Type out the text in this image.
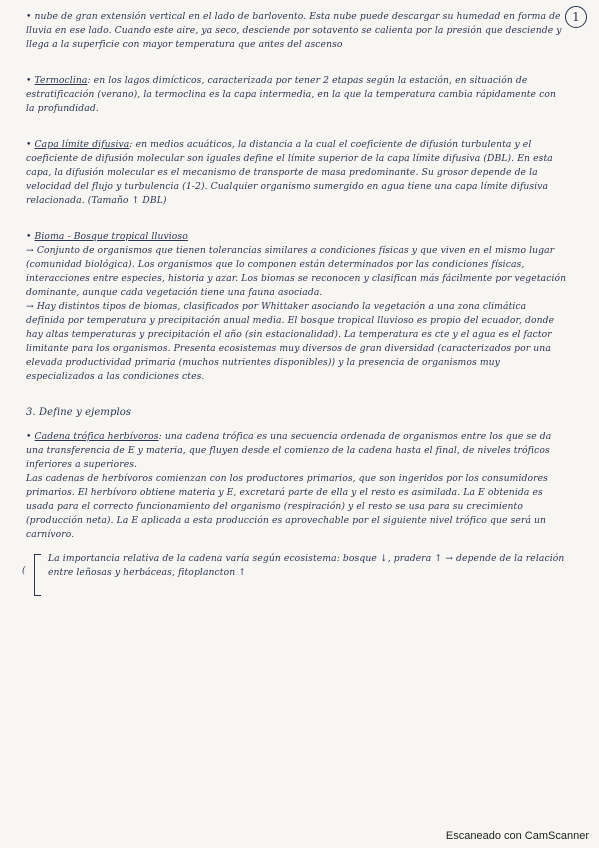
1

• nube de gran extensión vertical en el lado de barlovento. Esta nube puede descargar su humedad en forma de lluvia en ese lado. Cuando este aire, ya seco, desciende por sotavento se calienta por la presión que desciende y llega a la superficie con mayor temperatura que antes del ascenso

• Termoclina: en los lagos dimícticos, caracterizada por tener 2 etapas según la estación, en situación de estratificación (verano), la termoclina es la capa intermedia, en la que la temperatura cambia rápidamente con la profundidad.

• Capa límite difusiva: en medios acuáticos, la distancia a la cual el coeficiente de difusión turbulenta y el coeficiente de difusión molecular son iguales define el límite superior de la capa límite difusiva (DBL). En esta capa, la difusión molecular es el mecanismo de transporte de masa predominante. Su grosor depende de la velocidad del flujo y turbulencia (1-2). Cualquier organismo sumergido en agua tiene una capa límite difusiva relacionada. (Tamaño ↑ DBL)

• Bioma - Bosque tropical lluvioso

→ Conjunto de organismos que tienen tolerancias similares a condiciones físicas y que viven en el mismo lugar (comunidad biológica). Los organismos que lo componen están determinados por las condiciones físicas, interacciones entre especies, historia y azar. Los biomas se reconocen y clasifican más fácilmente por vegetación dominante, aunque cada vegetación tiene una fauna asociada.

→ Hay distintos tipos de biomas, clasificados por Whittaker asociando la vegetación a una zona climática definida por temperatura y precipitación anual media. El bosque tropical lluvioso es propio del ecuador, donde hay altas temperaturas y precipitación el año (sin estacionalidad). La temperatura es cte y el agua es el factor limitante para los organismos. Presenta ecosistemas muy diversos de gran diversidad (caracterizados por una elevada productividad primaria (muchos nutrientes disponibles)) y la presencia de organismos muy especializados a las condiciones ctes.

3. Define y ejemplos

• Cadena trófica herbívoros: una cadena trófica es una secuencia ordenada de organismos entre los que se da una transferencia de E y materia, que fluyen desde el comienzo de la cadena hasta el final, de niveles tróficos inferiores a superiores.

Las cadenas de herbívoros comienzan con los productores primarios, que son ingeridos por los consumidores primarios. El herbívoro obtiene materia y E, excretará parte de ella y el resto es asimilada. La E obtenida es usada para el correcto funcionamiento del organismo (respiración) y el resto se usa para su crecimiento (producción neta). La E aplicada a esta producción es aprovechable por el siguiente nivel trófico que será un carnívoro.

(

La importancia relativa de la cadena varía según ecosistema: bosque ↓, pradera ↑ → depende de la relación entre leñosas y herbáceas, fitoplancton ↑

Escaneado con CamScanner
